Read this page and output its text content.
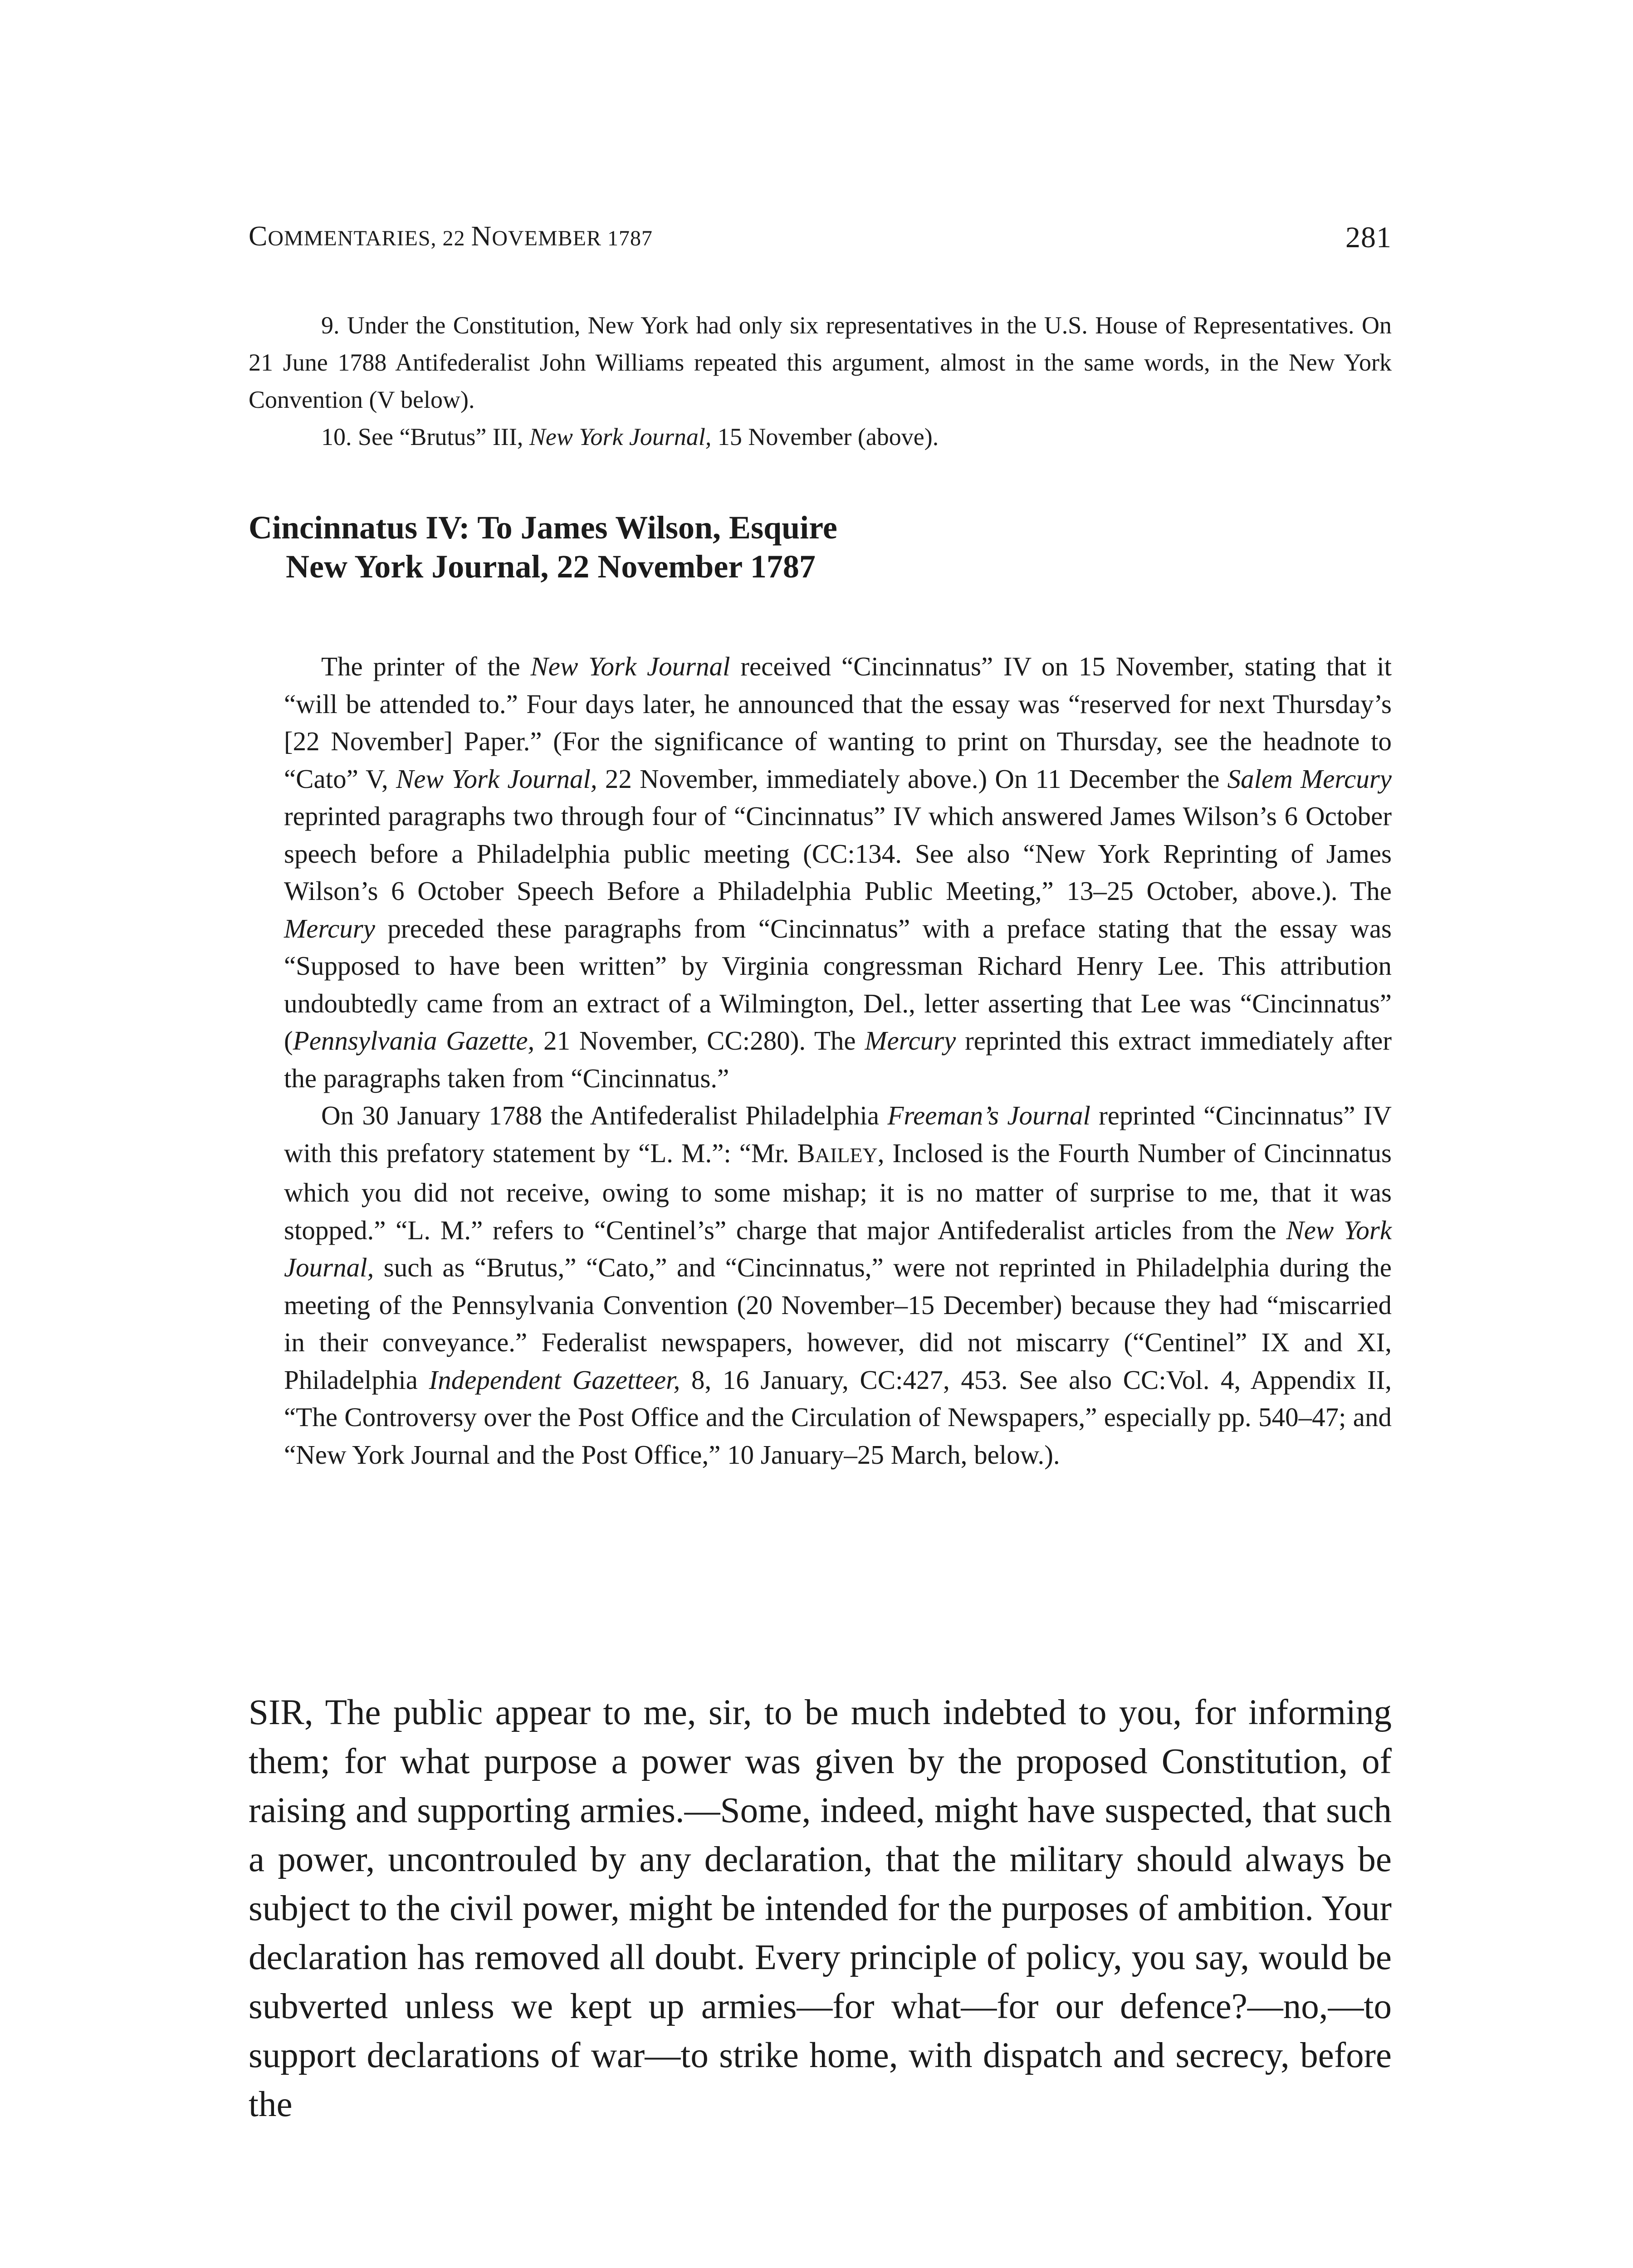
COMMENTARIES, 22 NOVEMBER 1787	281

9. Under the Constitution, New York had only six representatives in the U.S. House of Representatives. On 21 June 1788 Antifederalist John Williams repeated this argument, almost in the same words, in the New York Convention (V below).

10. See “Brutus” III, New York Journal, 15 November (above).

Cincinnatus IV: To James Wilson, Esquire
New York Journal, 22 November 1787

The printer of the New York Journal received “Cincinnatus” IV on 15 November, stating that it “will be attended to.” Four days later, he announced that the essay was “reserved for next Thursday’s [22 November] Paper.” (For the significance of wanting to print on Thursday, see the headnote to “Cato” V, New York Journal, 22 November, immediately above.) On 11 December the Salem Mercury reprinted paragraphs two through four of “Cincinnatus” IV which answered James Wilson’s 6 October speech before a Philadelphia public meeting (CC:134. See also “New York Reprinting of James Wilson’s 6 October Speech Before a Philadelphia Public Meeting,” 13–25 October, above.). The Mercury preceded these paragraphs from “Cincinnatus” with a preface stating that the essay was “Supposed to have been written” by Virginia congressman Richard Henry Lee. This attribution undoubtedly came from an extract of a Wilmington, Del., letter asserting that Lee was “Cincinnatus” (Pennsylvania Gazette, 21 November, CC:280). The Mercury reprinted this extract immediately after the paragraphs taken from “Cincinnatus.”

On 30 January 1788 the Antifederalist Philadelphia Freeman’s Journal reprinted “Cincinnatus” IV with this prefatory statement by “L. M.”: “Mr. BAILEY, Inclosed is the Fourth Number of Cincinnatus which you did not receive, owing to some mishap; it is no matter of surprise to me, that it was stopped.” “L. M.” refers to “Centinel’s” charge that major Antifederalist articles from the New York Journal, such as “Brutus,” “Cato,” and “Cincinnatus,” were not reprinted in Philadelphia during the meeting of the Pennsylvania Convention (20 November–15 December) because they had “miscarried in their conveyance.” Federalist newspapers, however, did not miscarry (“Centinel” IX and XI, Philadelphia Independent Gazetteer, 8, 16 January, CC:427, 453. See also CC:Vol. 4, Appendix II, “The Controversy over the Post Office and the Circulation of Newspapers,” especially pp. 540–47; and “New York Journal and the Post Office,” 10 January–25 March, below.).

SIR, The public appear to me, sir, to be much indebted to you, for informing them; for what purpose a power was given by the proposed Constitution, of raising and supporting armies.—Some, indeed, might have suspected, that such a power, uncontrouled by any declaration, that the military should always be subject to the civil power, might be intended for the purposes of ambition. Your declaration has removed all doubt. Every principle of policy, you say, would be subverted unless we kept up armies—for what—for our defence?—no,—to support declarations of war—to strike home, with dispatch and secrecy, before the
